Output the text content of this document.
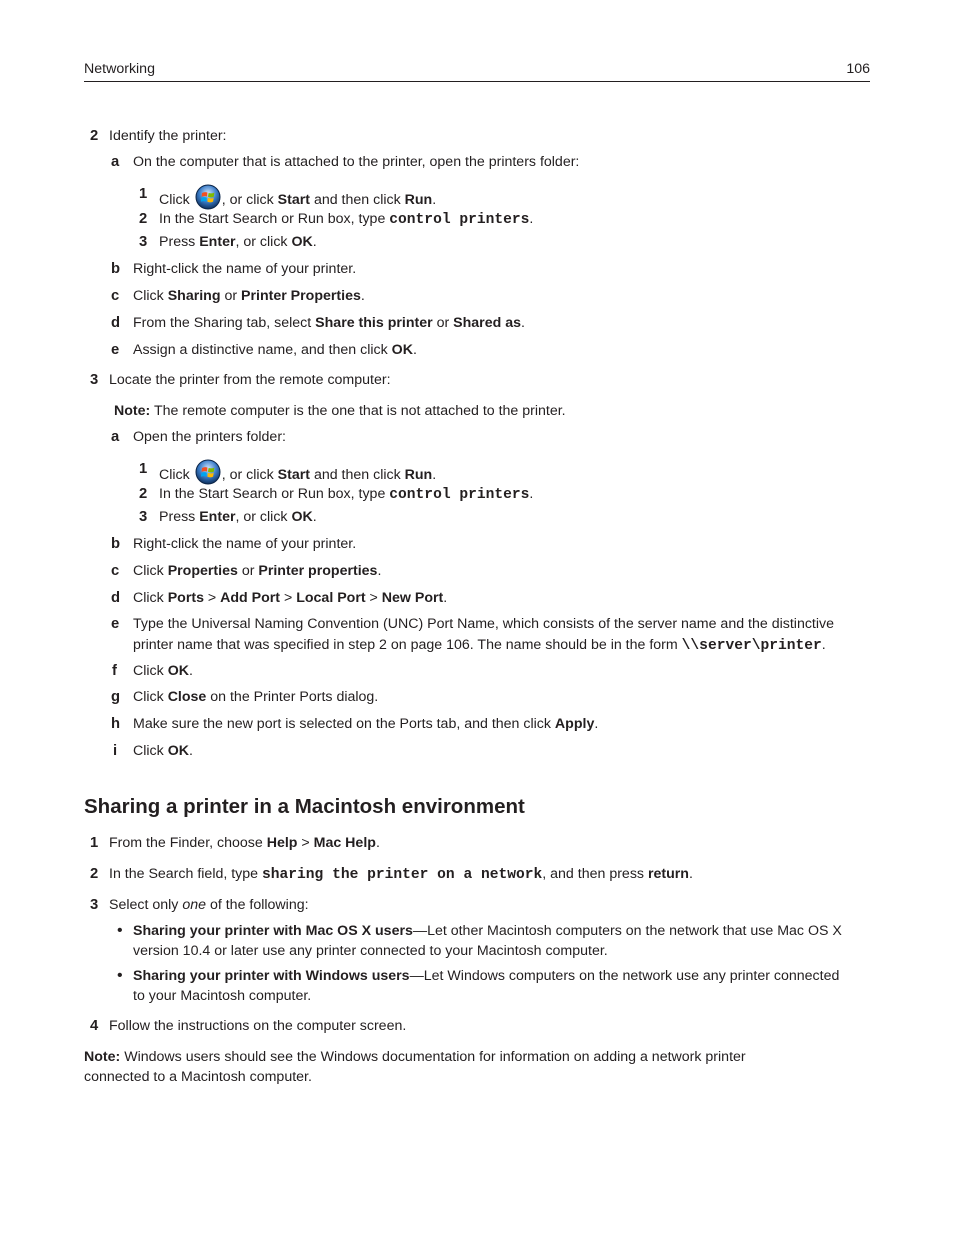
Networking	106
2 Identify the printer:
a On the computer that is attached to the printer, open the printers folder:
1 Click , or click Start and then click Run.
2 In the Start Search or Run box, type control printers.
3 Press Enter, or click OK.
b Right-click the name of your printer.
c Click Sharing or Printer Properties.
d From the Sharing tab, select Share this printer or Shared as.
e Assign a distinctive name, and then click OK.
3 Locate the printer from the remote computer:
Note: The remote computer is the one that is not attached to the printer.
a Open the printers folder:
1 Click , or click Start and then click Run.
2 In the Start Search or Run box, type control printers.
3 Press Enter, or click OK.
b Right-click the name of your printer.
c Click Properties or Printer properties.
d Click Ports > Add Port > Local Port > New Port.
e Type the Universal Naming Convention (UNC) Port Name, which consists of the server name and the distinctive
printer name that was specified in step 2 on page 106. The name should be in the form \\server\printer.
f Click OK.
g Click Close on the Printer Ports dialog.
h Make sure the new port is selected on the Ports tab, and then click Apply.
i Click OK.
Sharing a printer in a Macintosh environment
1 From the Finder, choose Help > Mac Help.
2 In the Search field, type sharing the printer on a network, and then press return.
3 Select only one of the following:
• Sharing your printer with Mac OS X users—Let other Macintosh computers on the network that use Mac OS X
version 10.4 or later use any printer connected to your Macintosh computer.
• Sharing your printer with Windows users—Let Windows computers on the network use any printer connected
to your Macintosh computer.
4 Follow the instructions on the computer screen.
Note: Windows users should see the Windows documentation for information on adding a network printer
connected to a Macintosh computer.
